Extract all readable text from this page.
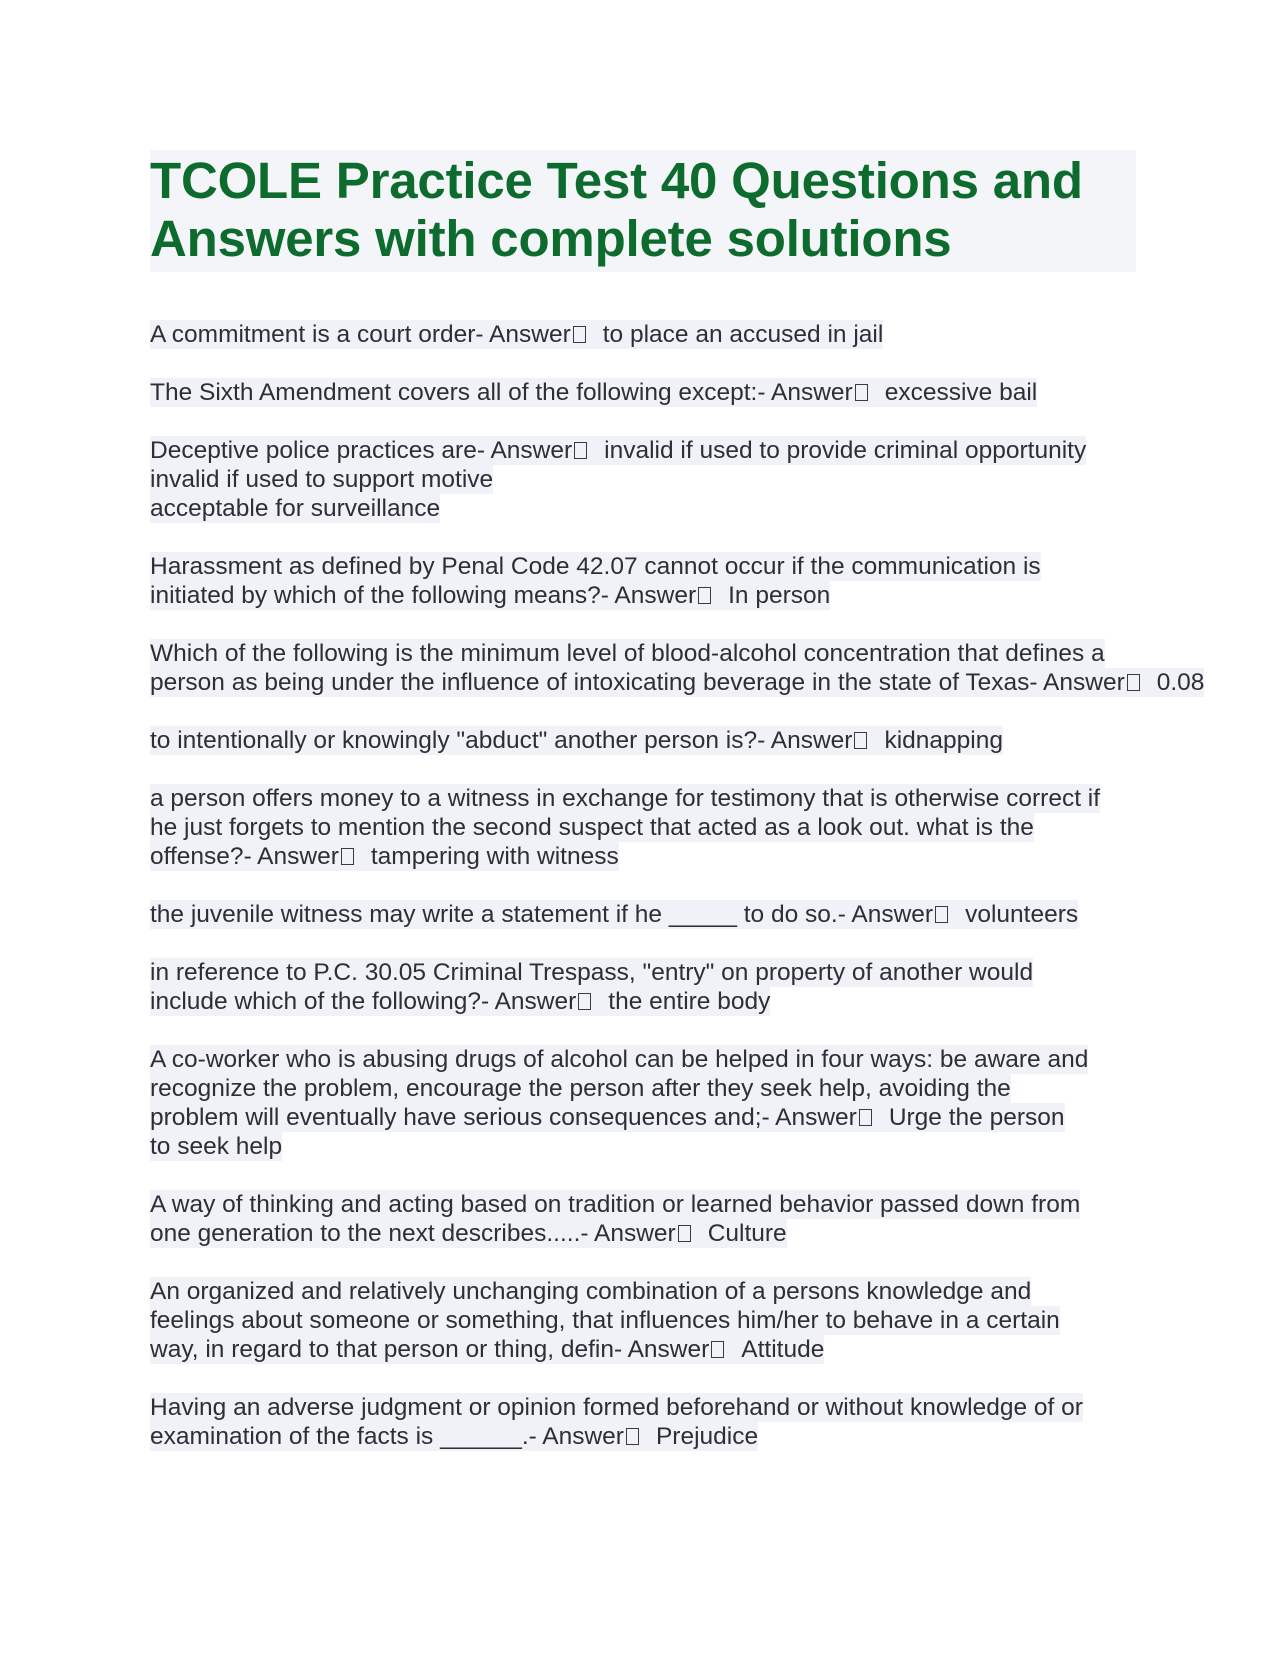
TCOLE Practice Test 40 Questions and
Answers with complete solutions
A commitment is a court order- Answer to place an accused in jail
The Sixth Amendment covers all of the following except:- Answer excessive bail
Deceptive police practices are- Answer invalid if used to provide criminal opportunity
invalid if used to support motive
acceptable for surveillance
Harassment as defined by Penal Code 42.07 cannot occur if the communication is
initiated by which of the following means?- Answer In person
Which of the following is the minimum level of blood-alcohol concentration that defines a
person as being under the influence of intoxicating beverage in the state of Texas- Answer 0.08
to intentionally or knowingly "abduct" another person is?- Answer kidnapping
a person offers money to a witness in exchange for testimony that is otherwise correct if
he just forgets to mention the second suspect that acted as a look out. what is the
offense?- Answer tampering with witness
the juvenile witness may write a statement if he _____ to do so.- Answer volunteers
in reference to P.C. 30.05 Criminal Trespass, "entry" on property of another would
include which of the following?- Answer the entire body
A co-worker who is abusing drugs of alcohol can be helped in four ways: be aware and
recognize the problem, encourage the person after they seek help, avoiding the
problem will eventually have serious consequences and;- Answer Urge the person
to seek help
A way of thinking and acting based on tradition or learned behavior passed down from
one generation to the next describes.....- Answer Culture
An organized and relatively unchanging combination of a persons knowledge and
feelings about someone or something, that influences him/her to behave in a certain
way, in regard to that person or thing, defin- Answer Attitude
Having an adverse judgment or opinion formed beforehand or without knowledge of or
examination of the facts is ______.- Answer Prejudice
